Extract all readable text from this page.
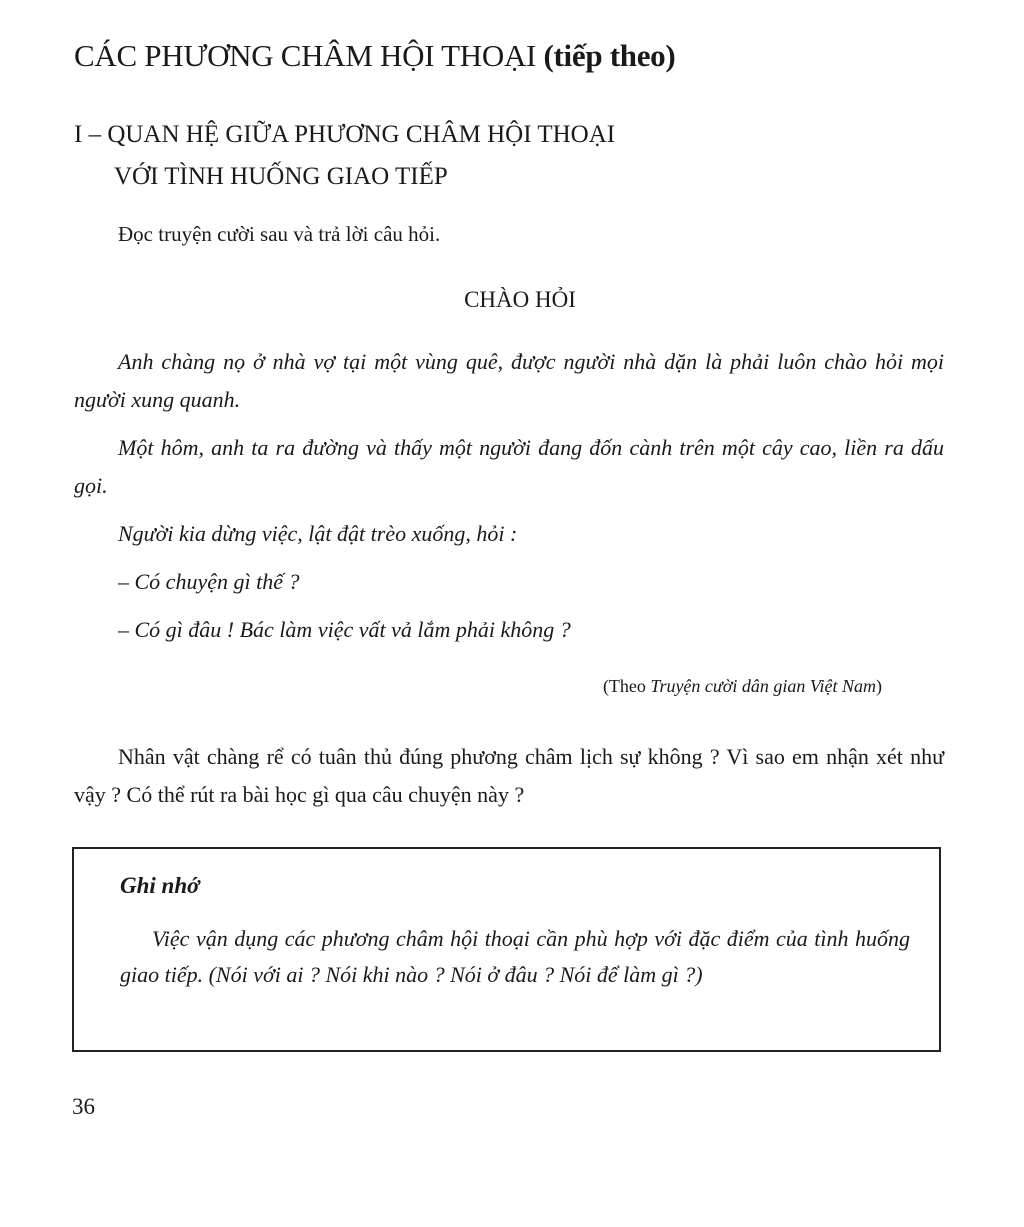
CÁC PHƯƠNG CHÂM HỘI THOẠI (tiếp theo)
I – QUAN HỆ GIỮA PHƯƠNG CHÂM HỘI THOẠI
VỚI TÌNH HUỐNG GIAO TIẾP
Đọc truyện cười sau và trả lời câu hỏi.
CHÀO HỎI

Anh chàng nọ ở nhà vợ tại một vùng quê, được người nhà dặn là phải luôn chào hỏi mọi người xung quanh.

Một hôm, anh ta ra đường và thấy một người đang đốn cành trên một cây cao, liền ra dấu gọi.

Người kia dừng việc, lật đật trèo xuống, hỏi :

– Có chuyện gì thế ?

– Có gì đâu ! Bác làm việc vất vả lắm phải không ?

(Theo Truyện cười dân gian Việt Nam)
Nhân vật chàng rể có tuân thủ đúng phương châm lịch sự không ? Vì sao em nhận xét như vậy ? Có thể rút ra bài học gì qua câu chuyện này ?
Ghi nhớ
Việc vận dụng các phương châm hội thoại cần phù hợp với đặc điểm của tình huống giao tiếp. (Nói với ai ? Nói khi nào ? Nói ở đâu ? Nói để làm gì ?)
36
